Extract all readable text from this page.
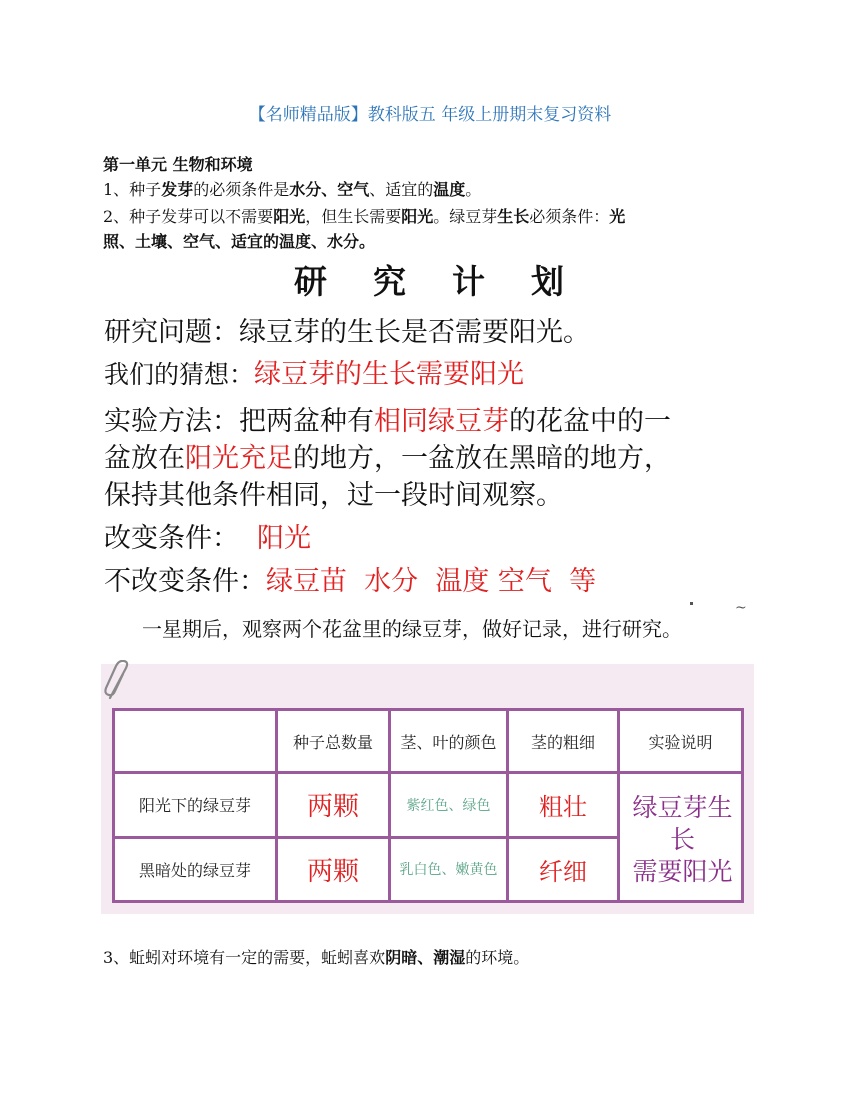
【名师精品版】教科版五 年级上册期末复习资料
第一单元 生物和环境
1、种子发芽的必须条件是水分、空气、适宜的温度。
2、种子发芽可以不需要阳光，但生长需要阳光。绿豆芽生长必须条件：光
照、土壤、空气、适宜的温度、水分。
研 究 计 划
研究问题：绿豆芽的生长是否需要阳光。
我们的猜想：绿豆芽的生长需要阳光
实验方法：把两盆种有相同绿豆芽的花盆中的一
盆放在阳光充足的地方，一盆放在黑暗的地方，
保持其他条件相同，过一段时间观察。
改变条件： 阳光
不改变条件：绿豆苗  水分  温度 空气  等
~
一星期后，观察两个花盆里的绿豆芽，做好记录，进行研究。
	种子总数量	茎、叶的颜色	茎的粗细	实验说明
阳光下的绿豆芽	两颗	紫红色、绿色	粗壮	绿豆芽生长
需要阳光

黑暗处的绿豆芽	两颗	乳白色、嫩黄色	纤细	
3、蚯蚓对环境有一定的需要，蚯蚓喜欢阴暗、潮湿的环境。
